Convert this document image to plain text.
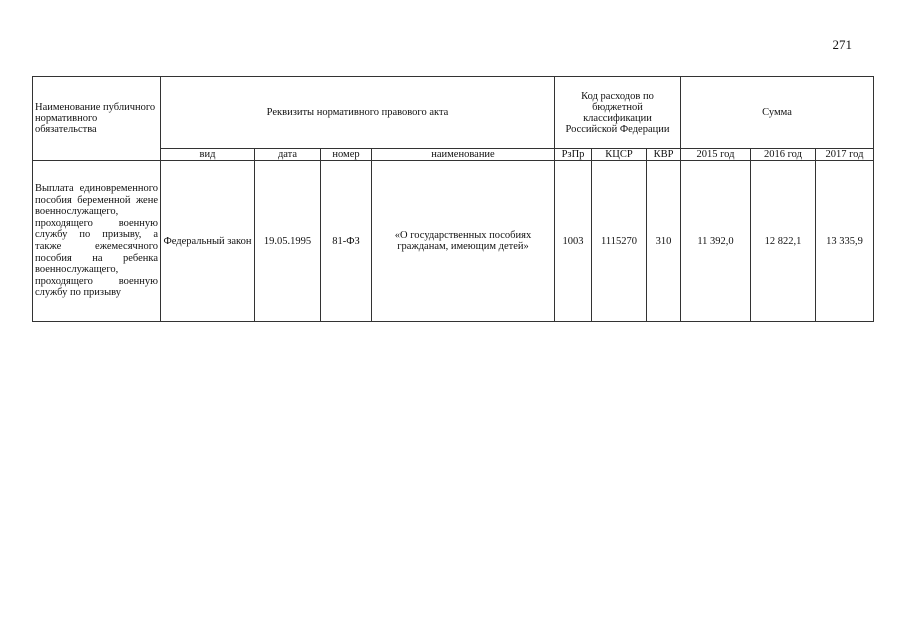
271
Наименование публичного нормативного обязательства	Реквизиты нормативного правового акта				Код расходов по бюджетной классификации Российской Федерации			Сумма		
	вид	дата	номер	наименование	РзПр	КЦСР	КВР	2015 год	2016 год	2017 год
Выплата единовременного пособия беременной жене военнослужащего, проходящего военную службу по призыву, а также ежемесячного пособия на ребенка военнослужащего, проходящего военную службу по призыву	Федеральный закон	19.05.1995	81-ФЗ	«О государственных пособиях гражданам, имеющим детей»	1003	1115270	310	11 392,0	12 822,1	13 335,9
